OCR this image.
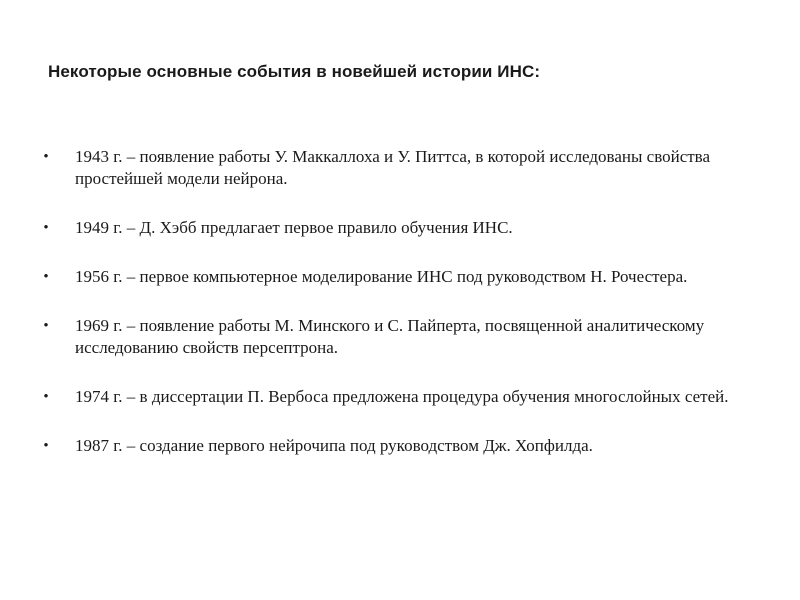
Некоторые основные события в новейшей истории ИНС:
• 1943 г. – появление работы У. Маккаллоха и У. Питтса, в которой исследованы свойства простейшей модели нейрона.
• 1949 г. – Д. Хэбб предлагает первое правило обучения ИНС.
• 1956 г. – первое компьютерное моделирование ИНС под руководством Н. Рочестера.
• 1969 г. – появление работы М. Минского и С. Пайперта, посвященной аналитическому исследованию свойств персептрона.
• 1974 г. – в диссертации П. Вербоса предложена процедура обучения многослойных сетей.
• 1987 г. – создание первого нейрочипа под руководством Дж. Хопфилда.
